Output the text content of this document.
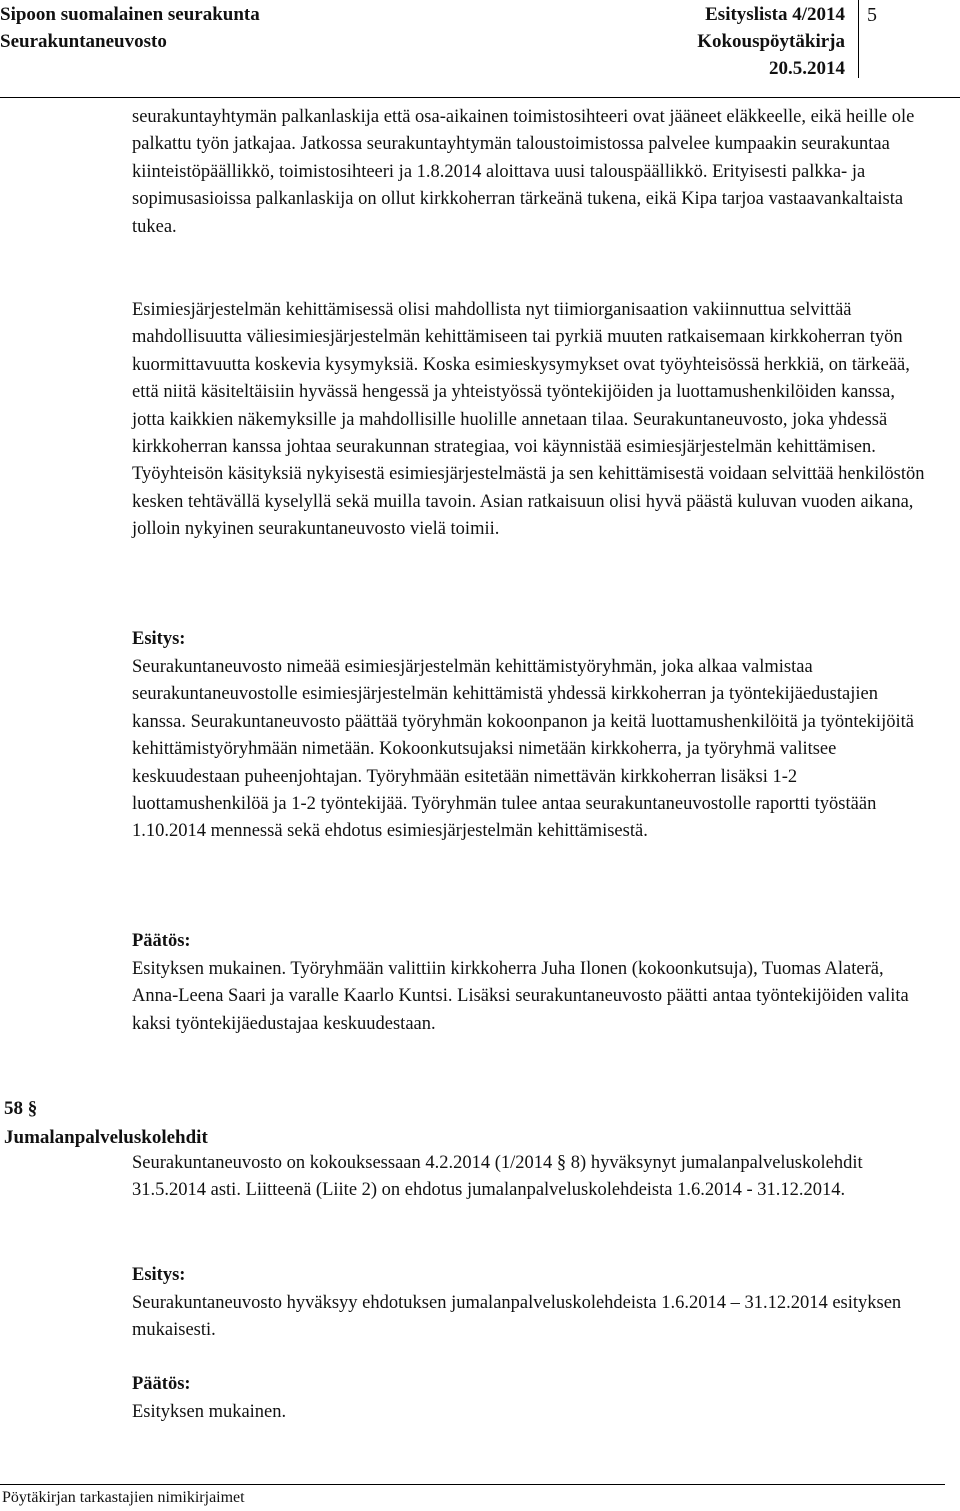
Sipoon suomalainen seurakunta
Seurakuntaneuvosto
Esityslista 4/2014
Kokouspöytäkirja
20.5.2014
5

seurakuntayhtymän palkanlaskija että osa-aikainen toimistosihteeri ovat jääneet eläkkeelle, eikä heille ole palkattu työn jatkajaa. Jatkossa seurakuntayhtymän taloustoimistossa palvelee kumpaakin seurakuntaa kiinteistöpäällikkö, toimistosihteeri ja 1.8.2014 aloittava uusi talouspäällikkö. Erityisesti palkka- ja sopimusasioissa palkanlaskija on ollut kirkkoherran tärkeänä tukena, eikä Kipa tarjoa vastaavankaltaista tukea.

Esimiesjärjestelmän kehittämisessä olisi mahdollista nyt tiimiorganisaation vakiinnuttua selvittää mahdollisuutta väliesimiesjärjestelmän kehittämiseen tai pyrkiä muuten ratkaisemaan kirkkoherran työn kuormittavuutta koskevia kysymyksiä. Koska esimieskysymykset ovat työyhteisössä herkkiä, on tärkeää, että niitä käsiteltäisiin hyvässä hengessä ja yhteistyössä työntekijöiden ja luottamushenkilöiden kanssa, jotta kaikkien näkemyksille ja mahdollisille huolille annetaan tilaa. Seurakuntaneuvosto, joka yhdessä kirkkoherran kanssa johtaa seurakunnan strategiaa, voi käynnistää esimiesjärjestelmän kehittämisen. Työyhteisön käsityksiä nykyisestä esimiesjärjestelmästä ja sen kehittämisestä voidaan selvittää henkilöstön kesken tehtävällä kyselyllä sekä muilla tavoin. Asian ratkaisuun olisi hyvä päästä kuluvan vuoden aikana, jolloin nykyinen seurakuntaneuvosto vielä toimii.

Esitys:

Seurakuntaneuvosto nimeää esimiesjärjestelmän kehittämistyöryhmän, joka alkaa valmistaa seurakuntaneuvostolle esimiesjärjestelmän kehittämistä yhdessä kirkkoherran ja työntekijäedustajien kanssa. Seurakuntaneuvosto päättää työryhmän kokoonpanon ja keitä luottamushenkilöitä ja työntekijöitä kehittämistyöryhmään nimetään. Kokoonkutsujaksi nimetään kirkkoherra, ja työryhmä valitsee keskuudestaan puheenjohtajan. Työryhmään esitetään nimettävän kirkkoherran lisäksi 1-2 luottamushenkilöä ja 1-2 työntekijää. Työryhmän tulee antaa seurakuntaneuvostolle raportti työstään 1.10.2014 mennessä sekä ehdotus esimiesjärjestelmän kehittämisestä.

Päätös:

Esityksen mukainen. Työryhmään valittiin kirkkoherra Juha Ilonen (kokoonkutsuja), Tuomas Alaterä, Anna-Leena Saari ja varalle Kaarlo Kuntsi. Lisäksi seurakuntaneuvosto päätti antaa työntekijöiden valita kaksi työntekijäedustajaa keskuudestaan.

58 §
Jumalanpalveluskolehdit

Seurakuntaneuvosto on kokouksessaan 4.2.2014 (1/2014 § 8) hyväksynyt jumalanpalveluskolehdit 31.5.2014 asti. Liitteenä (Liite 2) on ehdotus jumalanpalveluskolehdeista 1.6.2014 - 31.12.2014.

Esitys:

Seurakuntaneuvosto hyväksyy ehdotuksen jumalanpalveluskolehdeista 1.6.2014 – 31.12.2014 esityksen mukaisesti.

Päätös:

Esityksen mukainen.

Pöytäkirjan tarkastajien nimikirjaimet
